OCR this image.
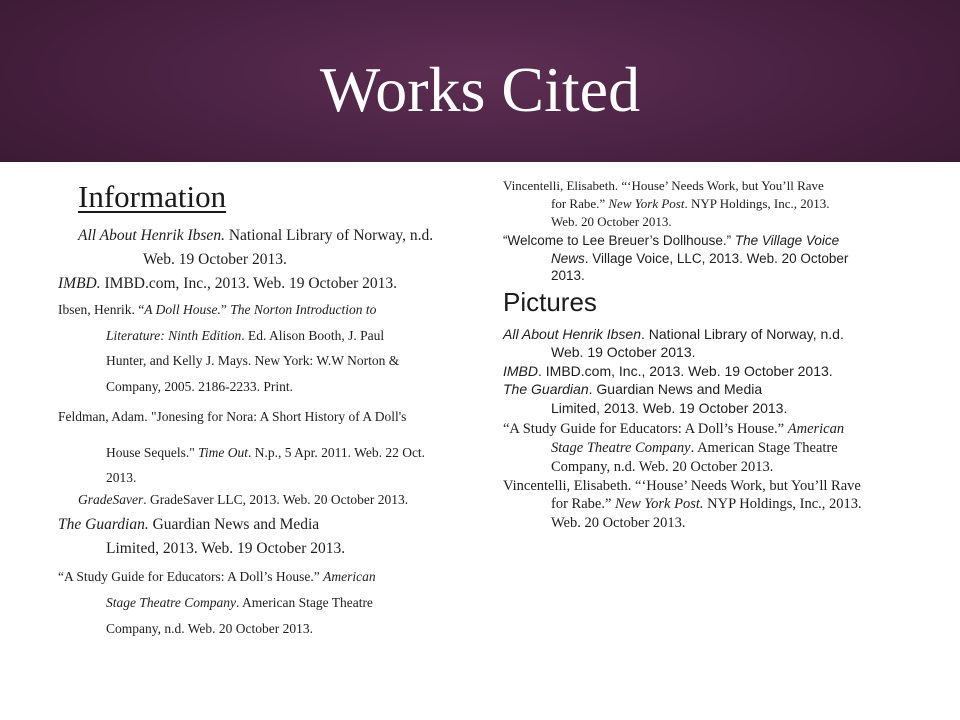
Works Cited
Information
All About Henrik Ibsen. National Library of Norway, n.d.
Web. 19 October 2013.
IMBD. IMBD.com, Inc., 2013. Web. 19 October 2013.
Ibsen, Henrik. “A Doll House.” The Norton Introduction to
Literature: Ninth Edition. Ed. Alison Booth, J. Paul
Hunter, and Kelly J. Mays. New York: W.W Norton &
Company, 2005. 2186-2233. Print.
Feldman, Adam. "Jonesing for Nora: A Short History of A Doll's
House Sequels." Time Out. N.p., 5 Apr. 2011. Web. 22 Oct.
2013.
GradeSaver. GradeSaver LLC, 2013. Web. 20 October 2013.
The Guardian. Guardian News and Media
Limited, 2013. Web. 19 October 2013.
“A Study Guide for Educators: A Doll’s House.” American
Stage Theatre Company. American Stage Theatre
Company, n.d. Web. 20 October 2013.
Vincentelli, Elisabeth. “‘House’ Needs Work, but You’ll Rave
for Rabe.” New York Post. NYP Holdings, Inc., 2013.
Web. 20 October 2013.
“Welcome to Lee Breuer’s Dollhouse.” The Village Voice
News. Village Voice, LLC, 2013. Web. 20 October
2013.
Pictures
All About Henrik Ibsen. National Library of Norway, n.d.
Web. 19 October 2013.
IMBD. IMBD.com, Inc., 2013. Web. 19 October 2013.
The Guardian. Guardian News and Media
Limited, 2013. Web. 19 October 2013.
“A Study Guide for Educators: A Doll’s House.” American
Stage Theatre Company. American Stage Theatre
Company, n.d. Web. 20 October 2013.
Vincentelli, Elisabeth. “‘House’ Needs Work, but You’ll Rave
for Rabe.” New York Post. NYP Holdings, Inc., 2013.
Web. 20 October 2013.
